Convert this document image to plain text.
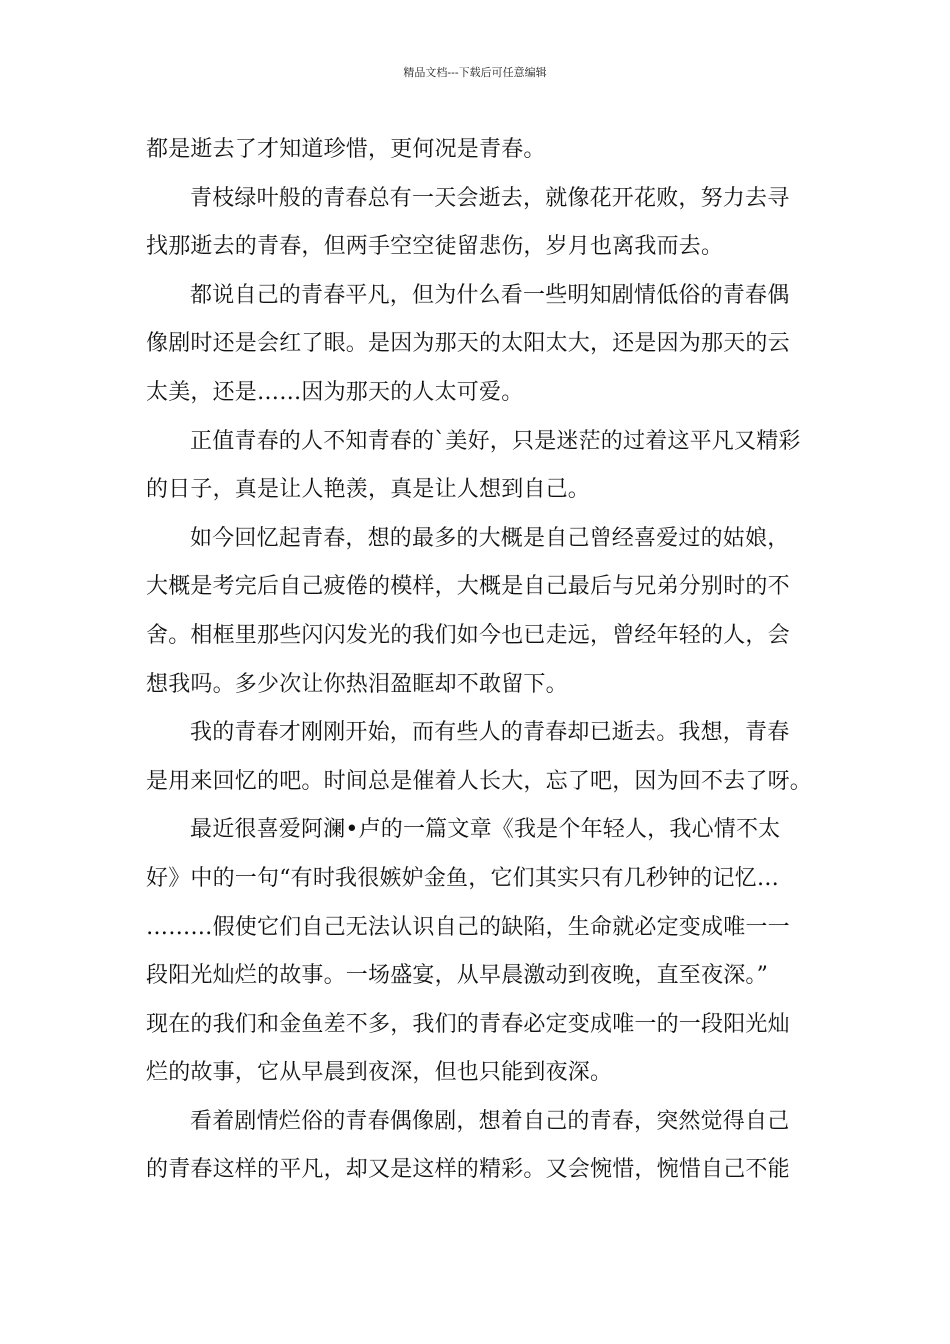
精品文档---下载后可任意编辑
都是逝去了才知道珍惜，更何况是青春。
青枝绿叶般的青春总有一天会逝去，就像花开花败，努力去寻
找那逝去的青春，但两手空空徒留悲伤，岁月也离我而去。
都说自己的青春平凡，但为什么看一些明知剧情低俗的青春偶
像剧时还是会红了眼。是因为那天的太阳太大，还是因为那天的云
太美，还是……因为那天的人太可爱。
正值青春的人不知青春的`美好，只是迷茫的过着这平凡又精彩
的日子，真是让人艳羡，真是让人想到自己。
如今回忆起青春，想的最多的大概是自己曾经喜爱过的姑娘，
大概是考完后自己疲倦的模样，大概是自己最后与兄弟分别时的不
舍。相框里那些闪闪发光的我们如今也已走远，曾经年轻的人，会
想我吗。多少次让你热泪盈眶却不敢留下。
我的青春才刚刚开始，而有些人的青春却已逝去。我想，青春
是用来回忆的吧。时间总是催着人长大，忘了吧，因为回不去了呀。
最近很喜爱阿澜•卢的一篇文章《我是个年轻人，我心情不太
好》中的一句“有时我很嫉妒金鱼，它们其实只有几秒钟的记忆…
………假使它们自己无法认识自己的缺陷，生命就必定变成唯一一
段阳光灿烂的故事。一场盛宴，从早晨激动到夜晚，直至夜深。”
现在的我们和金鱼差不多，我们的青春必定变成唯一的一段阳光灿
烂的故事，它从早晨到夜深，但也只能到夜深。
看着剧情烂俗的青春偶像剧，想着自己的青春，突然觉得自己
的青春这样的平凡，却又是这样的精彩。又会惋惜，惋惜自己不能
